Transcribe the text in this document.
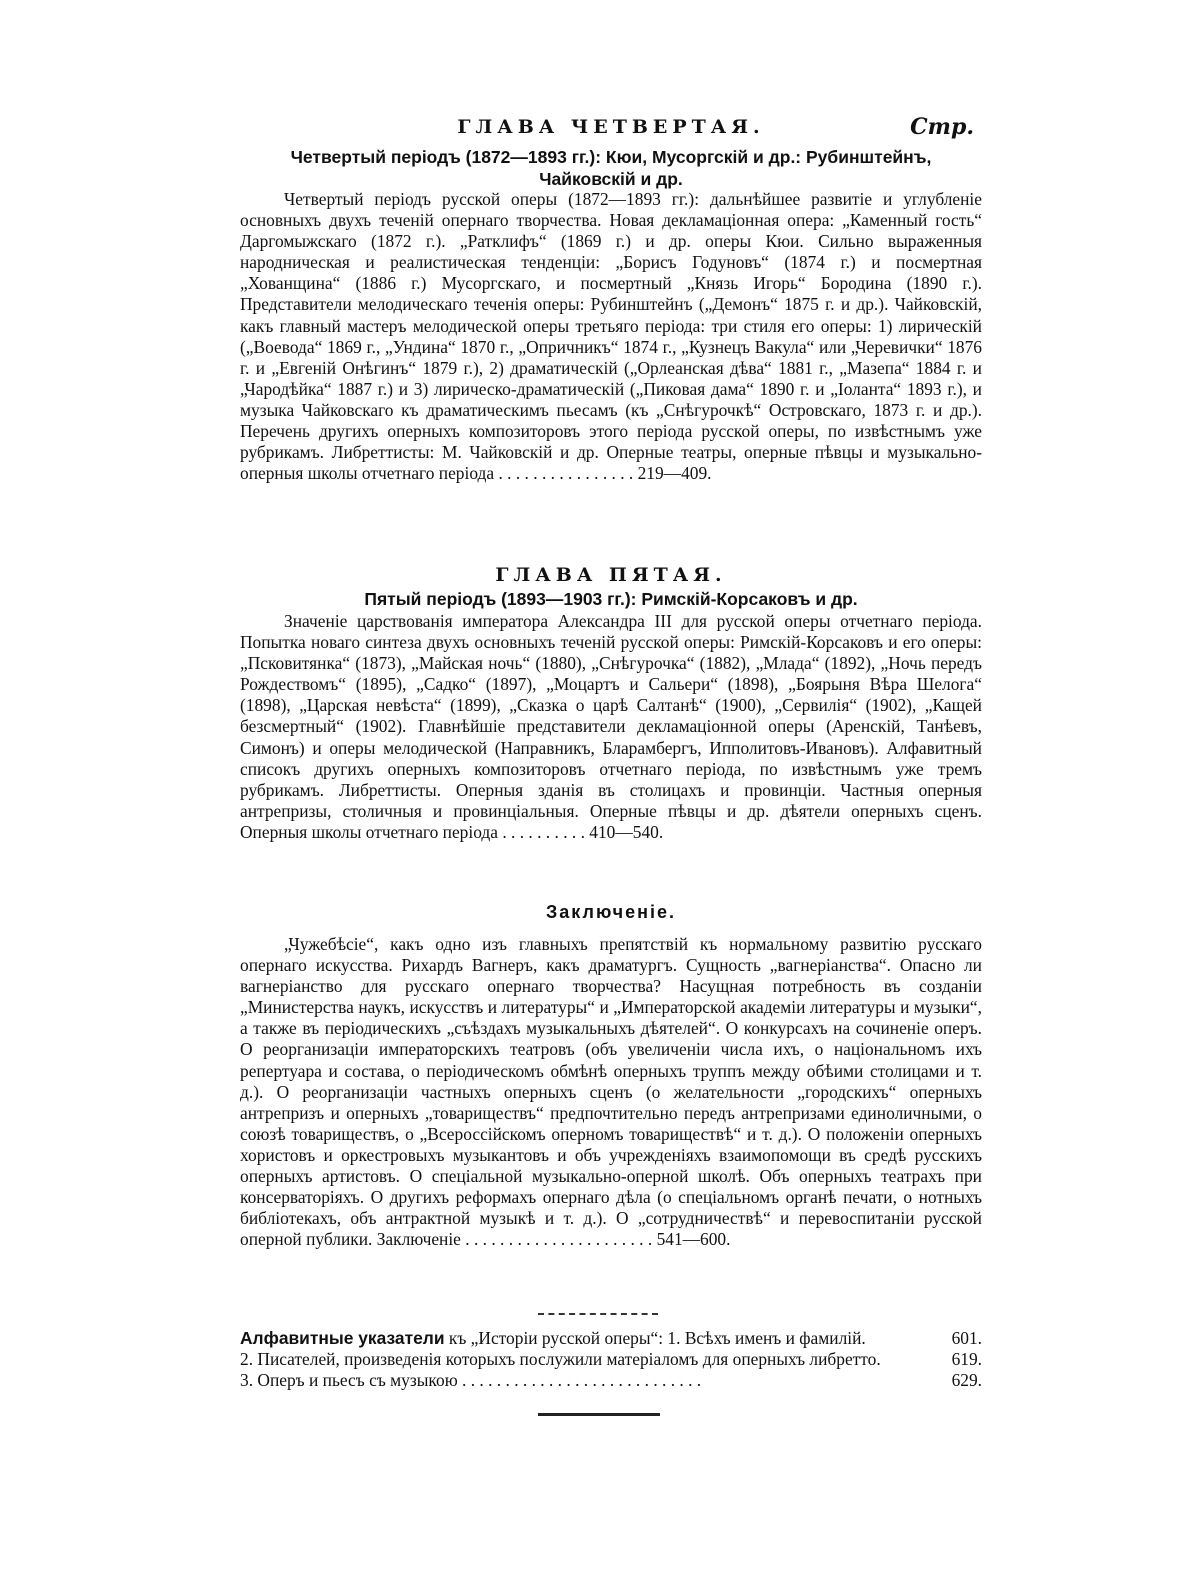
ГЛАВА ЧЕТВЕРТАЯ.	Стр.
Четвертый періодъ (1872—1893 гг.): Кюи, Мусоргскій и др.: Рубинштейнъ, Чайковскій и др.
Четвертый періодъ русской оперы (1872—1893 гг.): дальнѣйшее развитіе и углубленіе основныхъ двухъ теченій опернаго творчества. Новая декламаціонная опера: „Каменный гость“ Даргомыжскаго (1872 г.). „Ратклифъ“ (1869 г.) и др. оперы Кюи. Сильно выраженныя народническая и реалистическая тенденціи: „Борисъ Годуновъ“ (1874 г.) и посмертная „Хованщина“ (1886 г.) Мусоргскаго, и посмертный „Князь Игорь“ Бородина (1890 г.). Представители мелодическаго теченія оперы: Рубинштейнъ („Демонъ“ 1875 г. и др.). Чайковскій, какъ главный мастеръ мелодической оперы третьяго періода: три стиля его оперы: 1) лирическій („Воевода“ 1869 г., „Ундина“ 1870 г., „Опричникъ“ 1874 г., „Кузнецъ Вакула“ или „Черевички“ 1876 г. и „Евгеній Онѣгинъ“ 1879 г.), 2) драматическій („Орлеанская дѣва“ 1881 г., „Мазепа“ 1884 г. и „Чародѣйка“ 1887 г.) и 3) лирическо-драматическій („Пиковая дама“ 1890 г. и „Іоланта“ 1893 г.), и музыка Чайковскаго къ драматическимъ пьесамъ (къ „Снѣгурочкѣ“ Островскаго, 1873 г. и др.). Перечень другихъ оперныхъ композиторовъ этого періода русской оперы, по извѣстнымъ уже рубрикамъ. Либреттисты: М. Чайковскій и др. Оперные театры, оперные пѣвцы и музыкально-оперныя школы отчетнаго періода . . . . . . . . . . . . . . . . 219—409.
ГЛАВА ПЯТАЯ.
Пятый періодъ (1893—1903 гг.): Римскій-Корсаковъ и др.
Значеніе царствованія императора Александра III для русской оперы отчетнаго періода. Попытка новаго синтеза двухъ основныхъ теченій русской оперы: Римскій-Корсаковъ и его оперы: „Псковитянка“ (1873), „Майская ночь“ (1880), „Снѣгурочка“ (1882), „Млада“ (1892), „Ночь передъ Рождествомъ“ (1895), „Садко“ (1897), „Моцартъ и Сальери“ (1898), „Боярыня Вѣра Шелога“ (1898), „Царская невѣста“ (1899), „Сказка о царѣ Салтанѣ“ (1900), „Сервилія“ (1902), „Кащей безсмертный“ (1902). Главнѣйшіе представители декламаціонной оперы (Аренскій, Танѣевъ, Симонъ) и оперы мелодической (Направникъ, Бларамбергъ, Ипполитовъ-Ивановъ). Алфавитный списокъ другихъ оперныхъ композиторовъ отчетнаго періода, по извѣстнымъ уже тремъ рубрикамъ. Либреттисты. Оперныя зданія въ столицахъ и провинціи. Частныя оперныя антрепризы, столичныя и провинціальныя. Оперные пѣвцы и др. дѣятели оперныхъ сценъ. Оперныя школы отчетнаго періода . . . . . . . . . . 410—540.
Заключеніе.
„Чужебѣсіе“, какъ одно изъ главныхъ препятствій къ нормальному развитію русскаго опернаго искусства. Рихардъ Вагнеръ, какъ драматургъ. Сущность „вагнеріанства“. Опасно ли вагнеріанство для русскаго опернаго творчества? Насущная потребность въ созданіи „Министерства наукъ, искусствъ и литературы“ и „Императорской академіи литературы и музыки“, а также въ періодическихъ „съѣздахъ музыкальныхъ дѣятелей“. О конкурсахъ на сочиненіе оперъ. О реорганизаціи императорскихъ театровъ (объ увеличеніи числа ихъ, о національномъ ихъ репертуара и состава, о періодическомъ обмѣнѣ оперныхъ труппъ между обѣими столицами и т. д.). О реорганизаціи частныхъ оперныхъ сценъ (о желательности „городскихъ“ оперныхъ антрепризъ и оперныхъ „товариществъ“ предпочтительно передъ антрепризами единоличными, о союзѣ товариществъ, о „Всероссійскомъ оперномъ товариществѣ“ и т. д.). О положеніи оперныхъ хористовъ и оркестровыхъ музыкантовъ и объ учрежденіяхъ взаимопомощи въ средѣ русскихъ оперныхъ артистовъ. О спеціальной музыкально-оперной школѣ. Объ оперныхъ театрахъ при консерваторіяхъ. О другихъ реформахъ опернаго дѣла (о спеціальномъ органѣ печати, о нотныхъ библіотекахъ, объ антрактной музыкѣ и т. д.). О „сотрудничествѣ“ и перевоспитаніи русской оперной публики. Заключеніе . . . . . . . . . . . . . . . . . . . . . . 541—600.
Алфавитные указатели къ „Исторіи русской оперы“: 1. Всѣхъ именъ и фамилій.	601.
2. Писателей, произведенія которыхъ послужили матеріаломъ для оперныхъ либретто.	619.
3. Оперъ и пьесъ съ музыкою . . . . . . . . . . . . . . . . . . . . . . . . . . . .	629.
